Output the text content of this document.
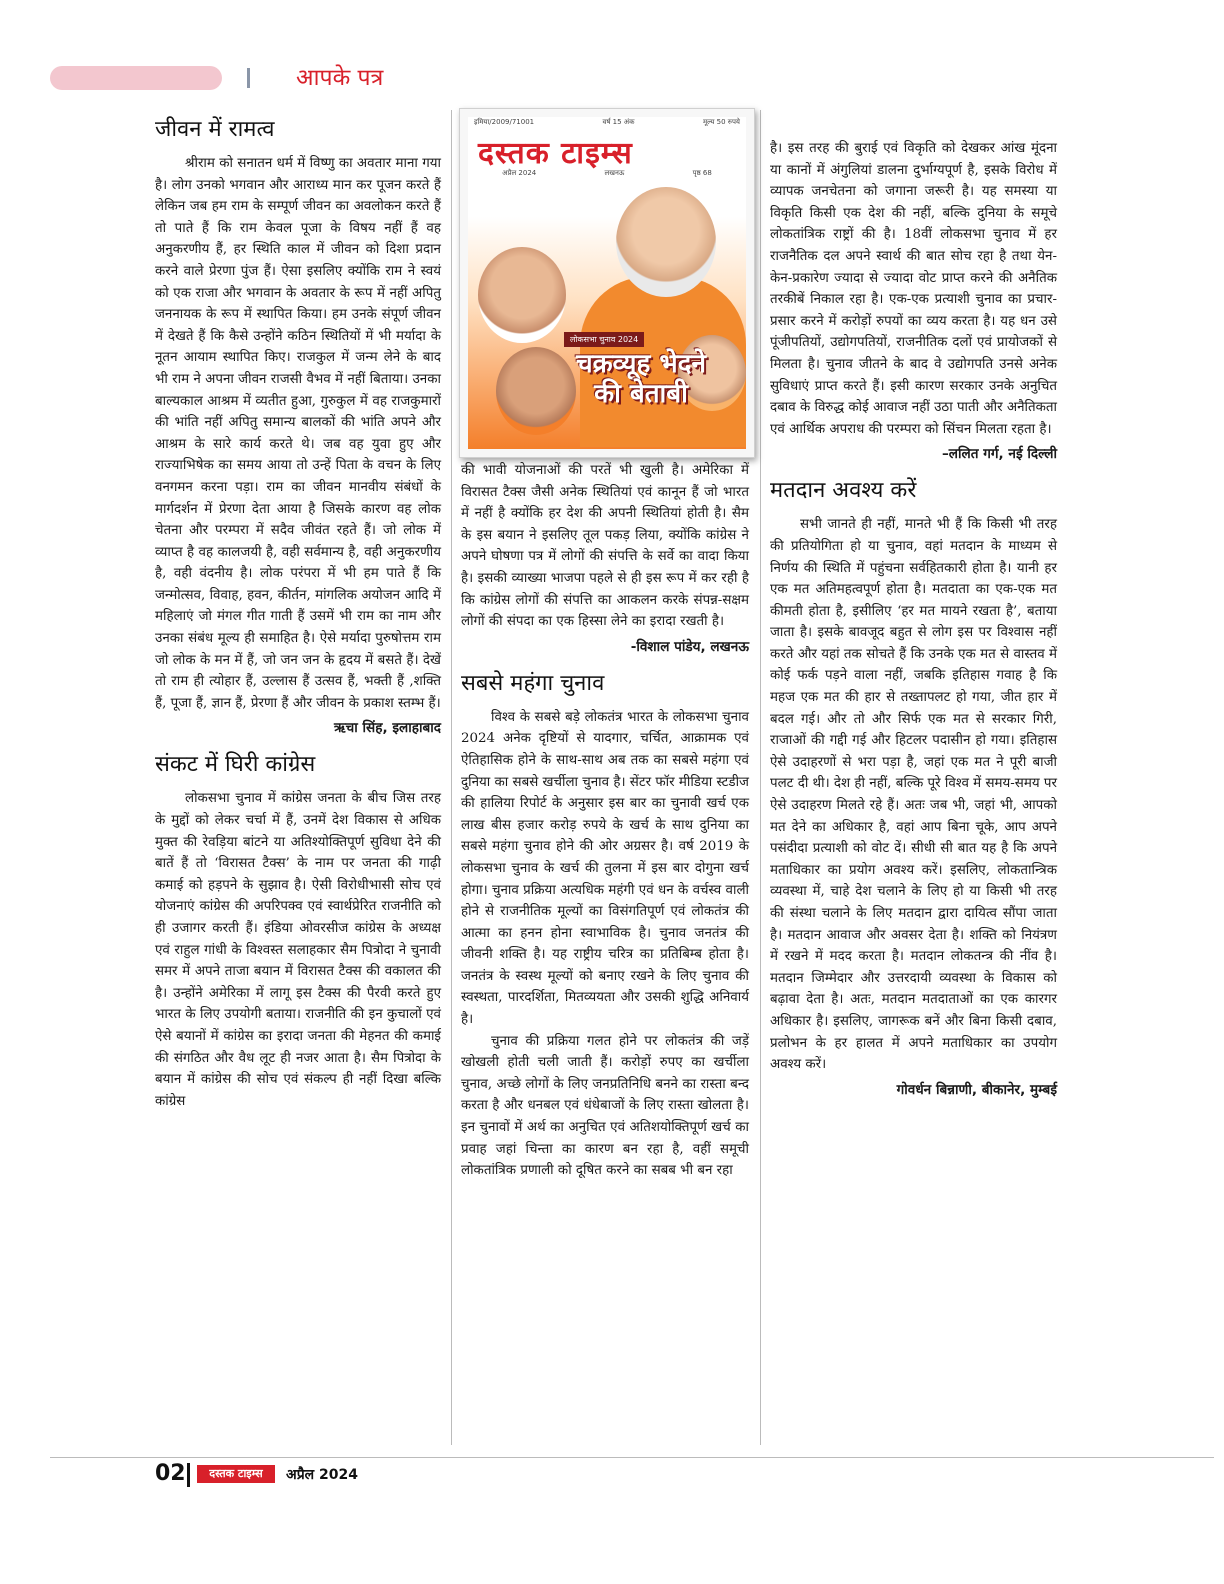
आपके पत्र
जीवन में रामत्व

श्रीराम को सनातन धर्म में विष्णु का अवतार माना गया है। लोग उनको भगवान और आराध्य मान कर पूजन करते हैं लेकिन जब हम राम के सम्पूर्ण जीवन का अवलोकन करते हैं तो पाते हैं कि राम केवल पूजा के विषय नहीं हैं वह अनुकरणीय हैं, हर स्थिति काल में जीवन को दिशा प्रदान करने वाले प्रेरणा पुंज हैं। ऐसा इसलिए क्योंकि राम ने स्वयं को एक राजा और भगवान के अवतार के रूप में नहीं अपितु जननायक के रूप में स्थापित किया। हम उनके संपूर्ण जीवन में देखते हैं कि कैसे उन्होंने कठिन स्थितियों में भी मर्यादा के नूतन आयाम स्थापित किए। राजकुल में जन्म लेने के बाद भी राम ने अपना जीवन राजसी वैभव में नहीं बिताया। उनका बाल्यकाल आश्रम में व्यतीत हुआ, गुरुकुल में वह राजकुमारों की भांति नहीं अपितु समान्य बालकों की भांति अपने और आश्रम के सारे कार्य करते थे। जब वह युवा हुए और राज्याभिषेक का समय आया तो उन्हें पिता के वचन के लिए वनगमन करना पड़ा। राम का जीवन मानवीय संबंधों के मार्गदर्शन में प्रेरणा देता आया है जिसके कारण वह लोक चेतना और परम्परा में सदैव जीवंत रहते हैं। जो लोक में व्याप्त है वह कालजयी है, वही सर्वमान्य है, वही अनुकरणीय है, वही वंदनीय है। लोक परंपरा में भी हम पाते हैं कि जन्मोत्सव, विवाह, हवन, कीर्तन, मांगलिक अयोजन आदि में महिलाएं जो मंगल गीत गाती हैं उसमें भी राम का नाम और उनका संबंध मूल्य ही समाहित है। ऐसे मर्यादा पुरुषोत्तम राम जो लोक के मन में हैं, जो जन जन के हृदय में बसते हैं। देखें तो राम ही त्योहार हैं, उल्लास हैं उत्सव हैं, भक्ती हैं ,शक्ति हैं, पूजा हैं, ज्ञान हैं, प्रेरणा हैं और जीवन के प्रकाश स्तम्भ हैं।

ऋचा सिंह, इलाहाबाद
संकट में घिरी कांग्रेस

लोकसभा चुनाव में कांग्रेस जनता के बीच जिस तरह के मुद्दों को लेकर चर्चा में हैं, उनमें देश विकास से अधिक मुक्त की रेवड़िया बांटने या अतिश्योक्तिपूर्ण सुविधा देने की बातें हैं तो ‘विरासत टैक्स’ के नाम पर जनता की गाढ़ी कमाई को हड़पने के सुझाव है। ऐसी विरोधीभासी सोच एवं योजनाएं कांग्रेस की अपरिपक्व एवं स्वार्थप्रेरित राजनीति को ही उजागर करती हैं। इंडिया ओवरसीज कांग्रेस के अध्यक्ष एवं राहुल गांधी के विश्वस्त सलाहकार सैम पित्रोदा ने चुनावी समर में अपने ताजा बयान में विरासत टैक्स की वकालत की है। उन्होंने अमेरिका में लागू इस टैक्स की पैरवी करते हुए भारत के लिए उपयोगी बताया। राजनीति की इन कुचालों एवं ऐसे बयानों में कांग्रेस का इरादा जनता की मेहनत की कमाई की संगठित और वैध लूट ही नजर आता है। सैम पित्रोदा के बयान में कांग्रेस की सोच एवं संकल्प ही नहीं दिखा बल्कि कांग्रेस

इमिया/2009/71001	वर्ष 15 अंक	मूल्य 50 रुपये
दस्तक टाइम्स
अप्रैल 2024	लखनऊ	पृष्ठ 68
लोकसभा चुनाव 2024
चक्रव्यूह भेदने की बेताबी

की भावी योजनाओं की परतें भी खुली है। अमेरिका में विरासत टैक्स जैसी अनेक स्थितियां एवं कानून हैं जो भारत में नहीं है क्योंकि हर देश की अपनी स्थितियां होती है। सैम के इस बयान ने इसलिए तूल पकड़ लिया, क्योंकि कांग्रेस ने अपने घोषणा पत्र में लोगों की संपत्ति के सर्वे का वादा किया है। इसकी व्याख्या भाजपा पहले से ही इस रूप में कर रही है कि कांग्रेस लोगों की संपत्ति का आकलन करके संपन्न-सक्षम लोगों की संपदा का एक हिस्सा लेने का इरादा रखती है।

-विशाल पांडेय, लखनऊ
सबसे महंगा चुनाव

विश्व के सबसे बड़े लोकतंत्र भारत के लोकसभा चुनाव 2024 अनेक दृष्टियों से यादगार, चर्चित, आक्रामक एवं ऐतिहासिक होने के साथ-साथ अब तक का सबसे महंगा एवं दुनिया का सबसे खर्चीला चुनाव है। सेंटर फॉर मीडिया स्टडीज की हालिया रिपोर्ट के अनुसार इस बार का चुनावी खर्च एक लाख बीस हजार करोड़ रुपये के खर्च के साथ दुनिया का सबसे महंगा चुनाव होने की ओर अग्रसर है। वर्ष 2019 के लोकसभा चुनाव के खर्च की तुलना में इस बार दोगुना खर्च होगा। चुनाव प्रक्रिया अत्यधिक महंगी एवं धन के वर्चस्व वाली होने से राजनीतिक मूल्यों का विसंगतिपूर्ण एवं लोकतंत्र की आत्मा का हनन होना स्वाभाविक है। चुनाव जनतंत्र की जीवनी शक्ति है। यह राष्ट्रीय चरित्र का प्रतिबिम्ब होता है। जनतंत्र के स्वस्थ मूल्यों को बनाए रखने के लिए चुनाव की स्वस्थता, पारदर्शिता, मितव्ययता और उसकी शुद्धि अनिवार्य है।

चुनाव की प्रक्रिया गलत होने पर लोकतंत्र की जड़ें खोखली होती चली जाती हैं। करोड़ों रुपए का खर्चीला चुनाव, अच्छे लोगों के लिए जनप्रतिनिधि बनने का रास्ता बन्द करता है और धनबल एवं धंधेबाजों के लिए रास्ता खोलता है। इन चुनावों में अर्थ का अनुचित एवं अतिशयोक्तिपूर्ण खर्च का प्रवाह जहां चिन्ता का कारण बन रहा है, वहीं समूची लोकतांत्रिक प्रणाली को दूषित करने का सबब भी बन रहा

है। इस तरह की बुराई एवं विकृति को देखकर आंख मूंदना या कानों में अंगुलियां डालना दुर्भाग्यपूर्ण है, इसके विरोध में व्यापक जनचेतना को जगाना जरूरी है। यह समस्या या विकृति किसी एक देश की नहीं, बल्कि दुनिया के समूचे लोकतांत्रिक राष्ट्रों की है। 18वीं लोकसभा चुनाव में हर राजनैतिक दल अपने स्वार्थ की बात सोच रहा है तथा येन-केन-प्रकारेण ज्यादा से ज्यादा वोट प्राप्त करने की अनैतिक तरकीबें निकाल रहा है। एक-एक प्रत्याशी चुनाव का प्रचार-प्रसार करने में करोड़ों रुपयों का व्यय करता है। यह धन उसे पूंजीपतियों, उद्योगपतियों, राजनीतिक दलों एवं प्रायोजकों से मिलता है। चुनाव जीतने के बाद वे उद्योगपति उनसे अनेक सुविधाएं प्राप्त करते हैं। इसी कारण सरकार उनके अनुचित दबाव के विरुद्ध कोई आवाज नहीं उठा पाती और अनैतिकता एवं आर्थिक अपराध की परम्परा को सिंचन मिलता रहता है।

–ललित गर्ग, नई दिल्ली
मतदान अवश्य करें

सभी जानते ही नहीं, मानते भी हैं कि किसी भी तरह की प्रतियोगिता हो या चुनाव, वहां मतदान के माध्यम से निर्णय की स्थिति में पहुंचना सर्वहितकारी होता है। यानी हर एक मत अतिमहत्वपूर्ण होता है। मतदाता का एक-एक मत कीमती होता है, इसीलिए ‘हर मत मायने रखता है’, बताया जाता है। इसके बावजूद बहुत से लोग इस पर विश्वास नहीं करते और यहां तक सोचते हैं कि उनके एक मत से वास्तव में कोई फर्क पड़ने वाला नहीं, जबकि इतिहास गवाह है कि महज एक मत की हार से तख्तापलट हो गया, जीत हार में बदल गई। और तो और सिर्फ एक मत से सरकार गिरी, राजाओं की गद्दी गई और हिटलर पदासीन हो गया। इतिहास ऐसे उदाहरणों से भरा पड़ा है, जहां एक मत ने पूरी बाजी पलट दी थी। देश ही नहीं, बल्कि पूरे विश्व में समय-समय पर ऐसे उदाहरण मिलते रहे हैं। अतः जब भी, जहां भी, आपको मत देने का अधिकार है, वहां आप बिना चूके, आप अपने पसंदीदा प्रत्याशी को वोट दें। सीधी सी बात यह है कि अपने मताधिकार का प्रयोग अवश्य करें। इसलिए, लोकतान्त्रिक व्यवस्था में, चाहे देश चलाने के लिए हो या किसी भी तरह की संस्था चलाने के लिए मतदान द्वारा दायित्व सौंपा जाता है। मतदान आवाज और अवसर देता है। शक्ति को नियंत्रण में रखने में मदद करता है। मतदान लोकतन्त्र की नींव है। मतदान जिम्मेदार और उत्तरदायी व्यवस्था के विकास को बढ़ावा देता है। अतः, मतदान मतदाताओं का एक कारगर अधिकार है। इसलिए, जागरूक बनें और बिना किसी दबाव, प्रलोभन के हर हालत में अपने मताधिकार का उपयोग अवश्य करें।

गोवर्धन बिन्नाणी, बीकानेर, मुम्बई
02	दस्तक टाइम्स	अप्रैल 2024
